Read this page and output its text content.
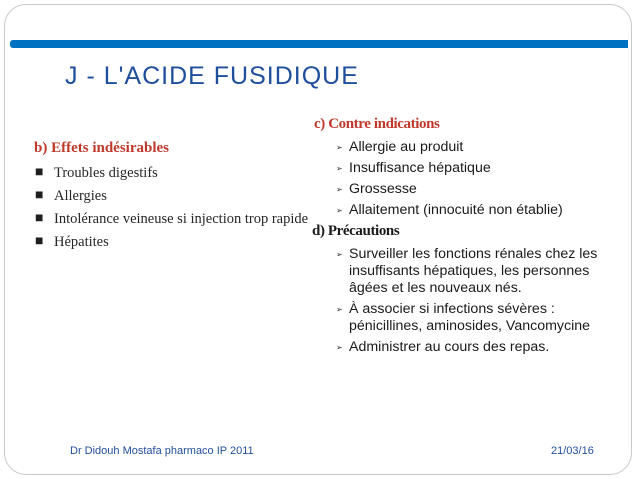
J - L'ACIDE FUSIDIQUE

b) Effets indésirables

■ Troubles digestifs
■ Allergies
■ Intolérance veineuse si injection trop rapide
■ Hépatites

c) Contre indications

➢ Allergie au produit
➢ Insuffisance hépatique
➢ Grossesse
➢ Allaitement (innocuité non établie)

d) Précautions

➢ Surveiller les fonctions rénales chez les insuffisants hépatiques, les personnes âgées et les nouveaux nés.
➢ À associer si infections sévères : pénicillines, aminosides, Vancomycine
➢ Administrer au cours des repas.
Dr Didouh Mostafa pharmaco IP 2011	21/03/16
